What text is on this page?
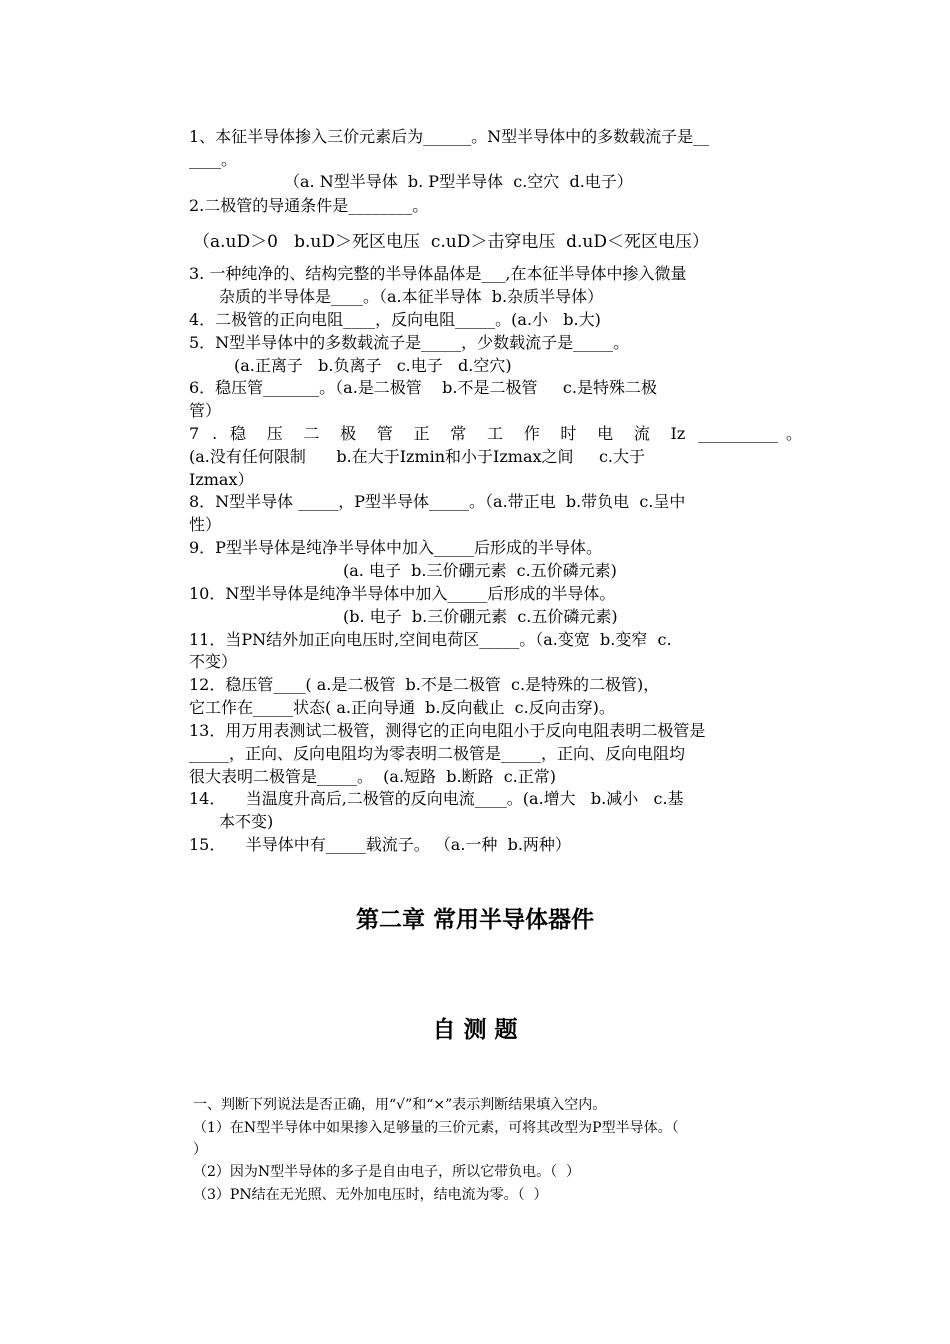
1、本征半导体掺入三价元素后为______。N型半导体中的多数载流子是__
____。
（a. N型半导体  b. P型半导体  c.空穴  d.电子）
2.二极管的导通条件是________。
（a.uD＞0   b.uD＞死区电压  c.uD＞击穿电压  d.uD＜死区电压）
3. 一种纯净的、结构完整的半导体晶体是___,在本征半导体中掺入微量
杂质的半导体是____。（a.本征半导体  b.杂质半导体）
4．二极管的正向电阻____，反向电阻_____。(a.小   b.大)
5．N型半导体中的多数载流子是_____，少数载流子是_____。
(a.正离子   b.负离子   c.电子   d.空穴)
6．稳压管_______。（a.是二极管    b.不是二极管     c.是特殊二极
管）
7 . 稳 压 二 极 管 正 常 工 作 时 电 流 Iz __________。
(a.没有任何限制      b.在大于Izmin和小于Izmax之间     c.大于
Izmax）
8．N型半导体 _____，P型半导体_____。（a.带正电  b.带负电  c.呈中
性）
9．P型半导体是纯净半导体中加入_____后形成的半导体。
(a. 电子  b.三价硼元素  c.五价磷元素)
10．N型半导体是纯净半导体中加入_____后形成的半导体。
(b. 电子  b.三价硼元素  c.五价磷元素)
11．当PN结外加正向电压时,空间电荷区_____。（a.变宽  b.变窄  c.
不变）
12．稳压管____( a.是二极管  b.不是二极管  c.是特殊的二极管)，
它工作在_____状态( a.正向导通  b.反向截止  c.反向击穿)。
13．用万用表测试二极管，测得它的正向电阻小于反向电阻表明二极管是
_____，正向、反向电阻均为零表明二极管是_____，正向、反向电阻均
很大表明二极管是_____。  (a.短路  b.断路  c.正常)
14．    当温度升高后,二极管的反向电流____。(a.增大   b.减小   c.基
本不变)
15．    半导体中有_____载流子。 （a.一种  b.两种）
第二章 常用半导体器件
自 测 题
一、判断下列说法是否正确，用“√”和“×”表示判断结果填入空内。
（1）在N型半导体中如果掺入足够量的三价元素，可将其改型为P型半导体。（
）
（2）因为N型半导体的多子是自由电子，所以它带负电。（  ）
（3）PN结在无光照、无外加电压时，结电流为零。（  ）
